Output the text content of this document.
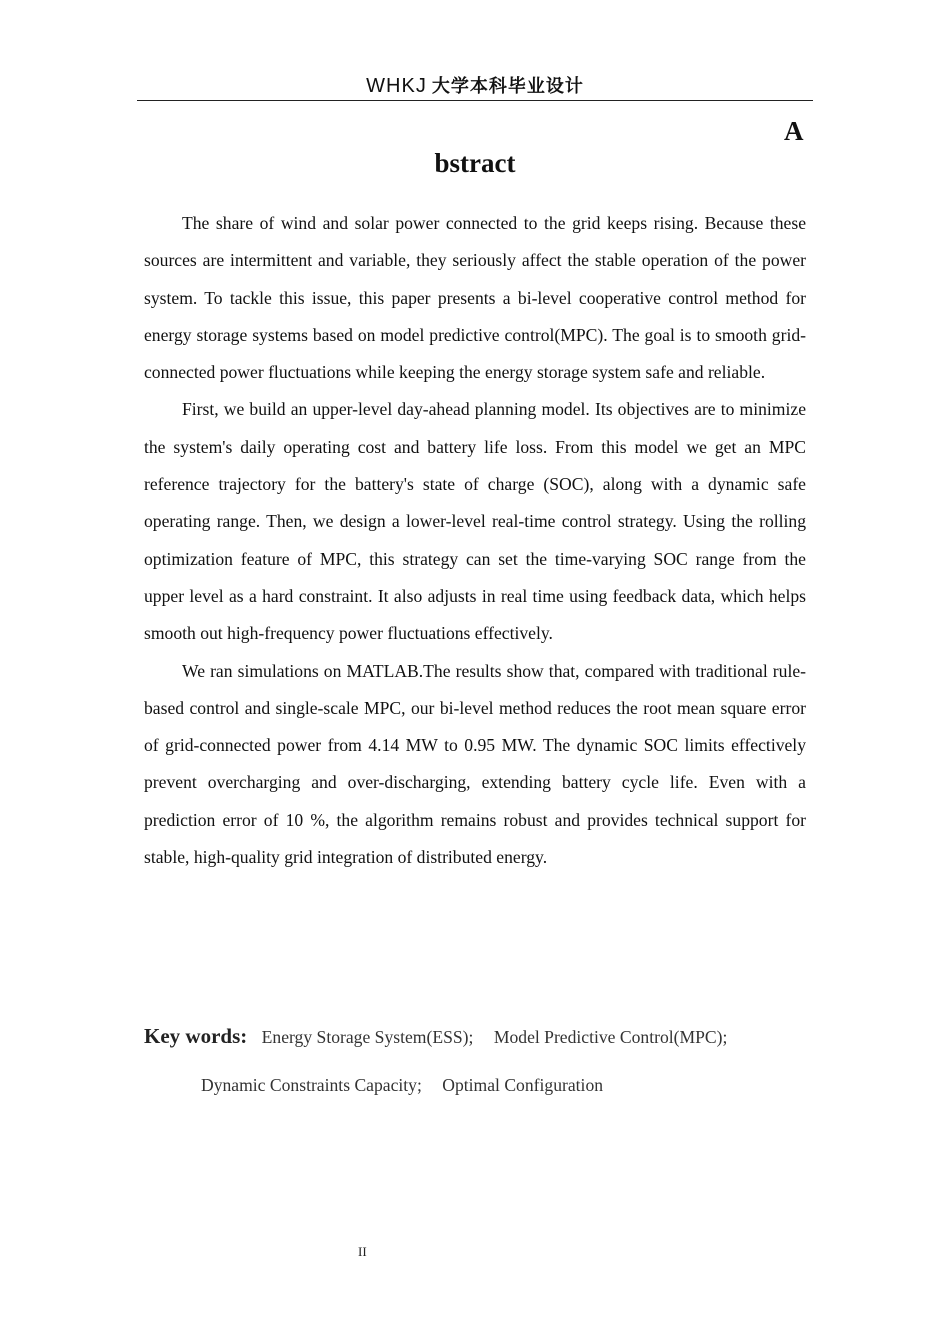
WHKJ 大学本科毕业设计
A
bstract

The share of wind and solar power connected to the grid keeps rising. Because these sources are intermittent and variable, they seriously affect the stable operation of the power system. To tackle this issue, this paper presents a bi-level cooperative control method for energy storage systems based on model predictive control(MPC). The goal is to smooth grid-connected power fluctuations while keeping the energy storage system safe and reliable.

First, we build an upper-level day-ahead planning model. Its objectives are to minimize the system's daily operating cost and battery life loss. From this model we get an MPC reference trajectory for the battery's state of charge (SOC), along with a dynamic safe operating range. Then, we design a lower-level real-time control strategy. Using the rolling optimization feature of MPC, this strategy can set the time-varying SOC range from the upper level as a hard constraint. It also adjusts in real time using feedback data, which helps smooth out high-frequency power fluctuations effectively.

We ran simulations on MATLAB.The results show that, compared with traditional rule-based control and single-scale MPC, our bi-level method reduces the root mean square error of grid-connected power from 4.14 MW to 0.95 MW. The dynamic SOC limits effectively prevent overcharging and over-discharging, extending battery cycle life. Even with a prediction error of 10 %, the algorithm remains robust and provides technical support for stable, high-quality grid integration of distributed energy.

Key words: Energy Storage System(ESS); Model Predictive Control(MPC);
Dynamic Constraints Capacity; Optimal Configuration
II
